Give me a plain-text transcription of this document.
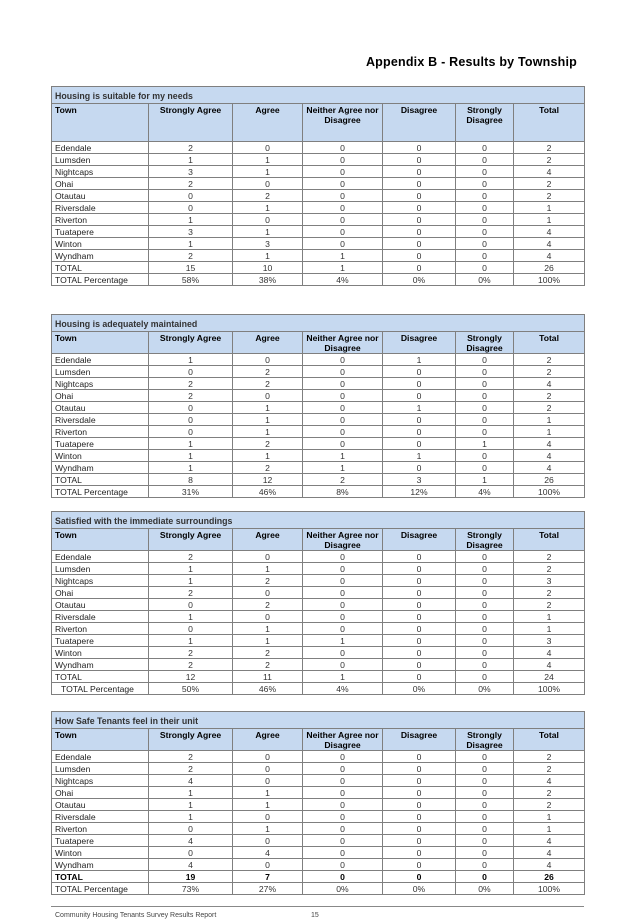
Appendix B - Results by Township
Housing is suitable for my needs						
Town	Strongly Agree	Agree	Neither Agree nor Disagree	Disagree	Strongly Disagree	Total
Edendale	2	0	0	0	0	2
Lumsden	1	1	0	0	0	2
Nightcaps	3	1	0	0	0	4
Ohai	2	0	0	0	0	2
Otautau	0	2	0	0	0	2
Riversdale	0	1	0	0	0	1
Riverton	1	0	0	0	0	1
Tuatapere	3	1	0	0	0	4
Winton	1	3	0	0	0	4
Wyndham	2	1	1	0	0	4
TOTAL	15	10	1	0	0	26
TOTAL Percentage	58%	38%	4%	0%	0%	100%
Housing is adequately maintained						
Town	Strongly Agree	Agree	Neither Agree nor Disagree	Disagree	Strongly Disagree	Total
Edendale	1	0	0	1	0	2
Lumsden	0	2	0	0	0	2
Nightcaps	2	2	0	0	0	4
Ohai	2	0	0	0	0	2
Otautau	0	1	0	1	0	2
Riversdale	0	1	0	0	0	1
Riverton	0	1	0	0	0	1
Tuatapere	1	2	0	0	1	4
Winton	1	1	1	1	0	4
Wyndham	1	2	1	0	0	4
TOTAL	8	12	2	3	1	26
TOTAL Percentage	31%	46%	8%	12%	4%	100%
Satisfied with the immediate surroundings						
Town	Strongly Agree	Agree	Neither Agree nor Disagree	Disagree	Strongly Disagree	Total
Edendale	2	0	0	0	0	2
Lumsden	1	1	0	0	0	2
Nightcaps	1	2	0	0	0	3
Ohai	2	0	0	0	0	2
Otautau	0	2	0	0	0	2
Riversdale	1	0	0	0	0	1
Riverton	0	1	0	0	0	1
Tuatapere	1	1	1	0	0	3
Winton	2	2	0	0	0	4
Wyndham	2	2	0	0	0	4
TOTAL	12	11	1	0	0	24
TOTAL Percentage	50%	46%	4%	0%	0%	100%
How Safe Tenants feel in their unit						
Town	Strongly Agree	Agree	Neither Agree nor Disagree	Disagree	Strongly Disagree	Total
Edendale	2	0	0	0	0	2
Lumsden	2	0	0	0	0	2
Nightcaps	4	0	0	0	0	4
Ohai	1	1	0	0	0	2
Otautau	1	1	0	0	0	2
Riversdale	1	0	0	0	0	1
Riverton	0	1	0	0	0	1
Tuatapere	4	0	0	0	0	4
Winton	0	4	0	0	0	4
Wyndham	4	0	0	0	0	4
TOTAL	19	7	0	0	0	26
TOTAL Percentage	73%	27%	0%	0%	0%	100%
Community Housing Tenants Survey Results Report	15
